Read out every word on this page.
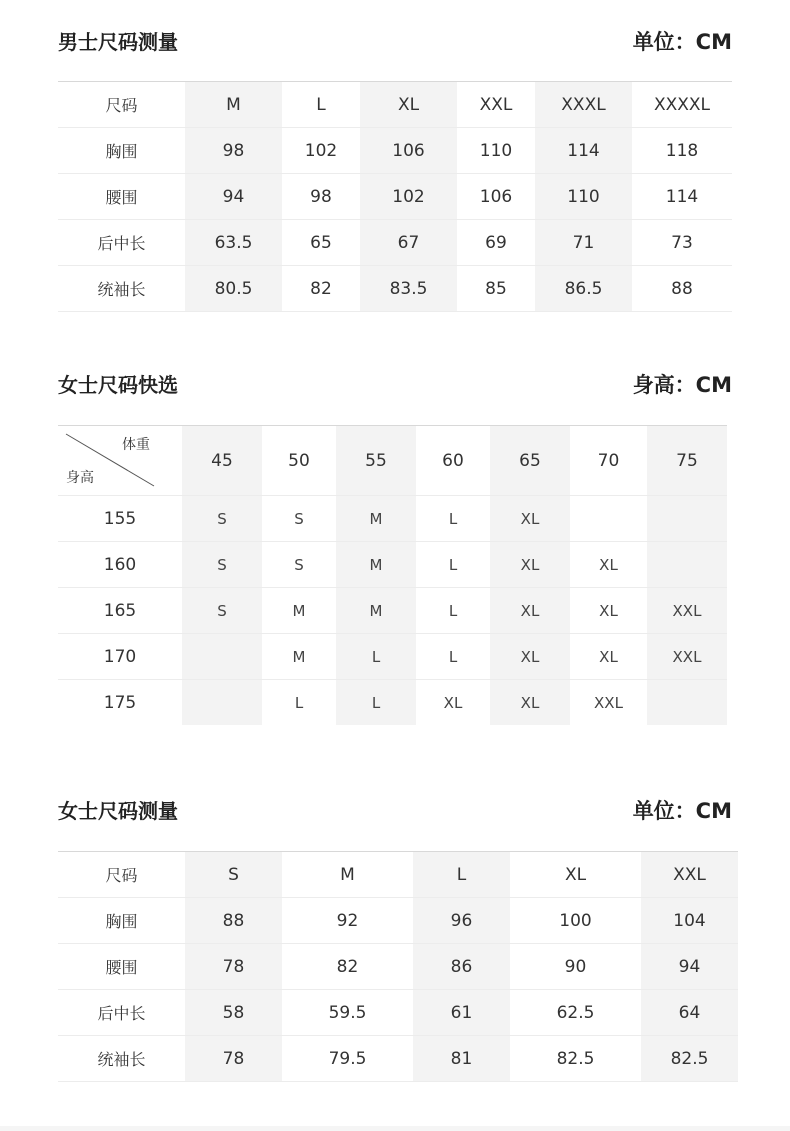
男士尺码测量	单位：CM
尺码	M	L	XL	XXL	XXXL	XXXXL
胸围	98	102	106	110	114	118
腰围	94	98	102	106	110	114
后中长	63.5	65	67	69	71	73
统袖长	80.5	82	83.5	85	86.5	88
女士尺码快选	身高：CM
体重
身高	45	50	55	60	65	70	75
155	S	S	M	L	XL		
160	S	S	M	L	XL	XL	
165	S	M	M	L	XL	XL	XXL
170		M	L	L	XL	XL	XXL
175		L	L	XL	XL	XXL	
女士尺码测量	单位：CM
尺码	S	M	L	XL	XXL
胸围	88	92	96	100	104
腰围	78	82	86	90	94
后中长	58	59.5	61	62.5	64
统袖长	78	79.5	81	82.5	82.5
